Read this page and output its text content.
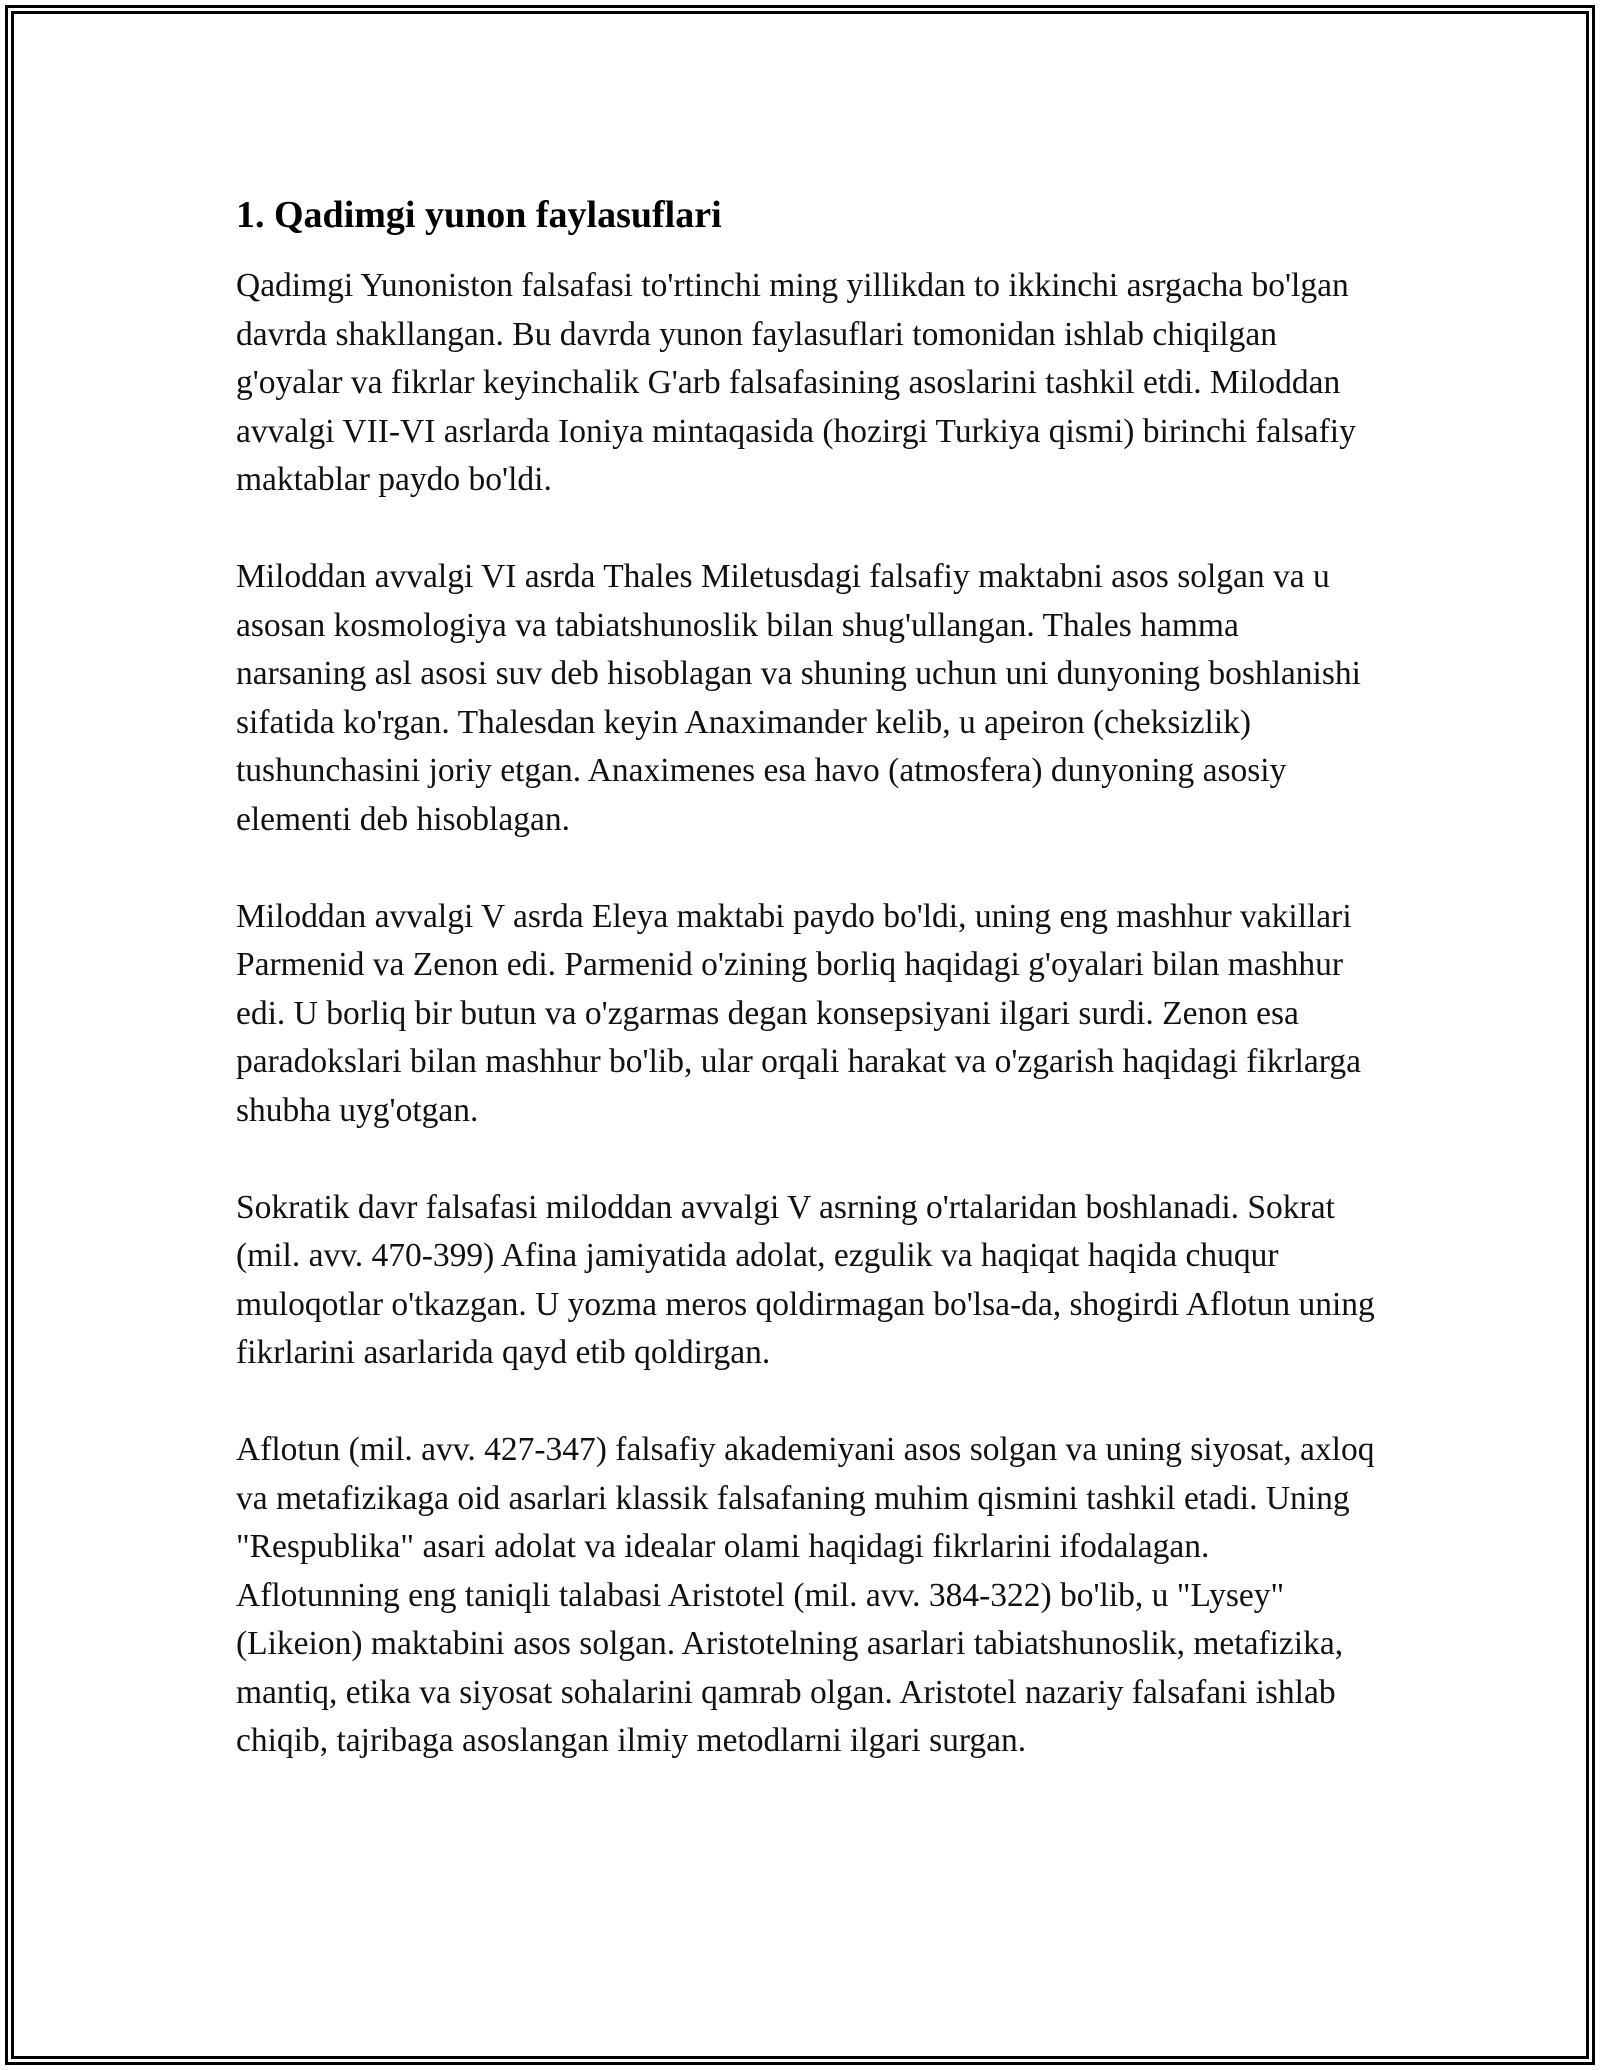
1. Qadimgi yunon faylasuflari

Qadimgi Yunoniston falsafasi to'rtinchi ming yillikdan to ikkinchi asrgacha bo'lgan davrda shakllangan. Bu davrda yunon faylasuflari tomonidan ishlab chiqilgan g'oyalar va fikrlar keyinchalik G'arb falsafasining asoslarini tashkil etdi. Miloddan avvalgi VII-VI asrlarda Ioniya mintaqasida (hozirgi Turkiya qismi) birinchi falsafiy maktablar paydo bo'ldi.

Miloddan avvalgi VI asrda Thales Miletusdagi falsafiy maktabni asos solgan va u asosan kosmologiya va tabiatshunoslik bilan shug'ullangan. Thales hamma narsaning asl asosi suv deb hisoblagan va shuning uchun uni dunyoning boshlanishi sifatida ko'rgan. Thalesdan keyin Anaximander kelib, u apeiron (cheksizlik) tushunchasini joriy etgan. Anaximenes esa havo (atmosfera) dunyoning asosiy elementi deb hisoblagan.

Miloddan avvalgi V asrda Eleya maktabi paydo bo'ldi, uning eng mashhur vakillari Parmenid va Zenon edi. Parmenid o'zining borliq haqidagi g'oyalari bilan mashhur edi. U borliq bir butun va o'zgarmas degan konsepsiyani ilgari surdi. Zenon esa paradokslari bilan mashhur bo'lib, ular orqali harakat va o'zgarish haqidagi fikrlarga shubha uyg'otgan.

Sokratik davr falsafasi miloddan avvalgi V asrning o'rtalaridan boshlanadi. Sokrat (mil. avv. 470-399) Afina jamiyatida adolat, ezgulik va haqiqat haqida chuqur muloqotlar o'tkazgan. U yozma meros qoldirmagan bo'lsa-da, shogirdi Aflotun uning fikrlarini asarlarida qayd etib qoldirgan.

Aflotun (mil. avv. 427-347) falsafiy akademiyani asos solgan va uning siyosat, axloq va metafizikaga oid asarlari klassik falsafaning muhim qismini tashkil etadi. Uning "Respublika" asari adolat va idealar olami haqidagi fikrlarini ifodalagan.

Aflotunning eng taniqli talabasi Aristotel (mil. avv. 384-322) bo'lib, u "Lysey" (Likeion) maktabini asos solgan. Aristotelning asarlari tabiatshunoslik, metafizika, mantiq, etika va siyosat sohalarini qamrab olgan. Aristotel nazariy falsafani ishlab chiqib, tajribaga asoslangan ilmiy metodlarni ilgari surgan.
